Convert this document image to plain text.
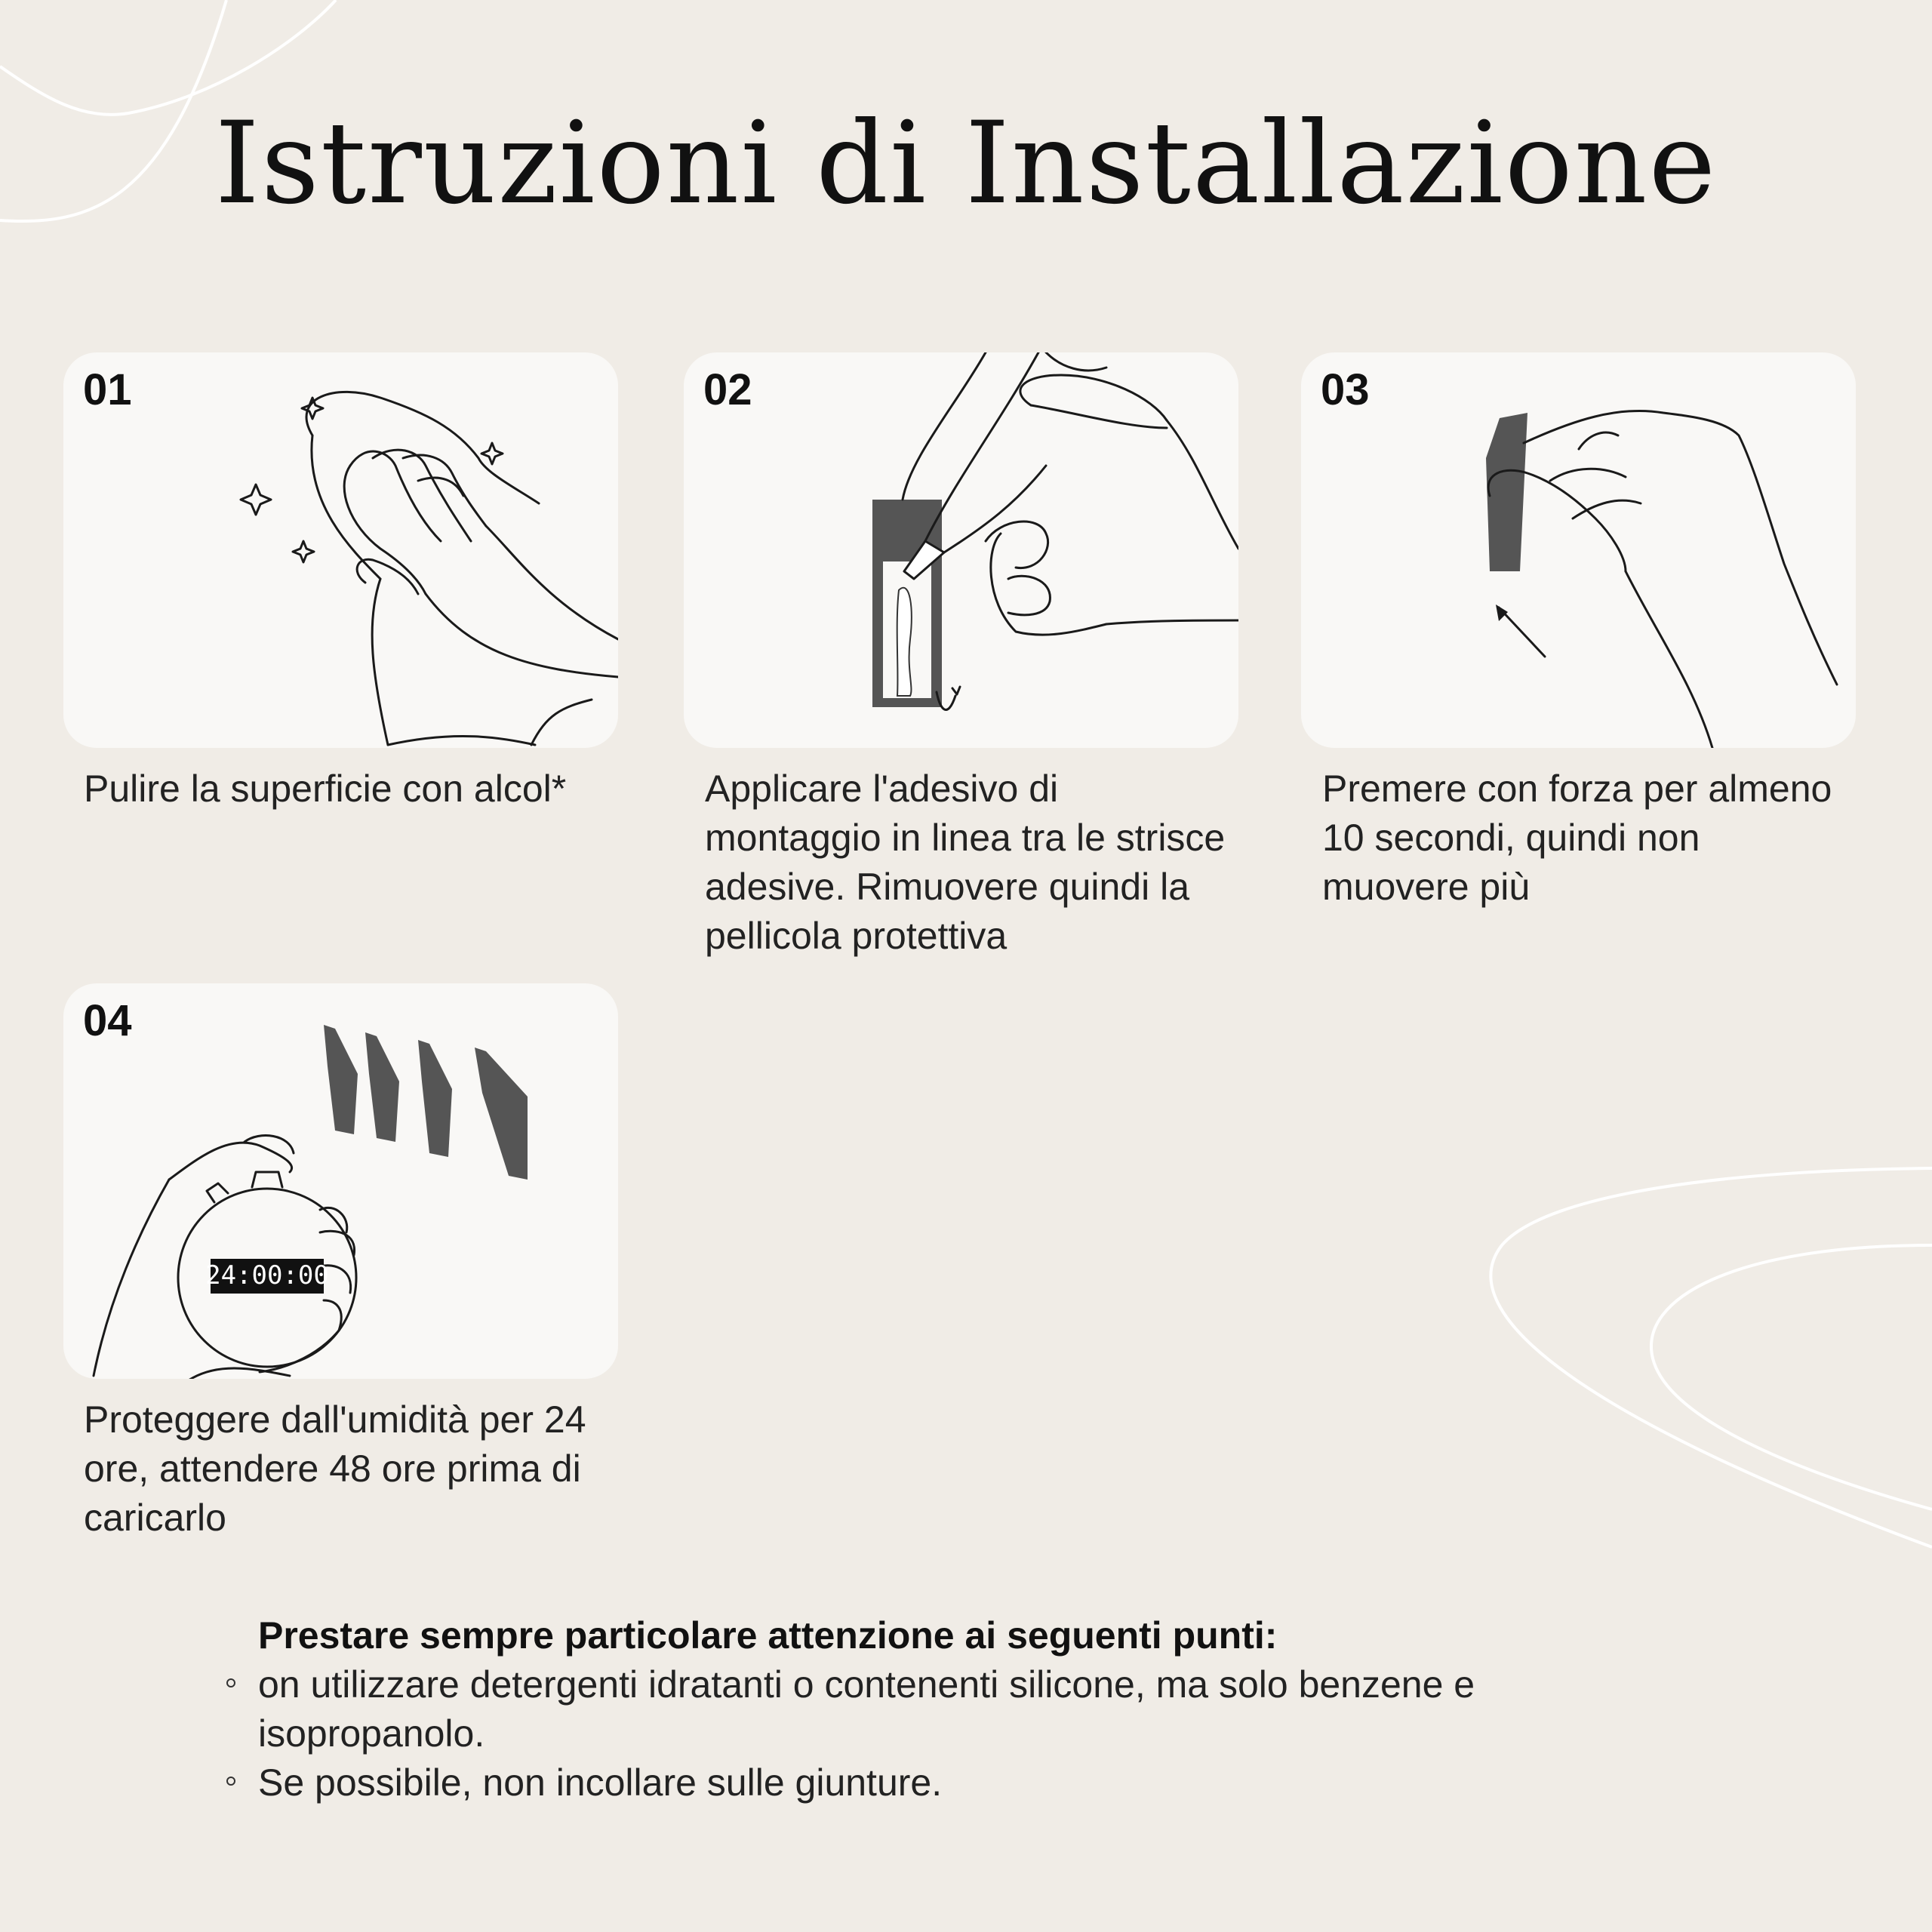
Istruzioni di Installazione
01
Pulire la superficie con alcol*
02
Applicare l'adesivo di montaggio in linea tra le strisce adesive. Rimuovere quindi la pellicola protettiva
03
Premere con forza per almeno 10 secondi, quindi non muovere più
24:00:00
04
Proteggere dall'umidità per 24 ore, attendere 48 ore prima di caricarlo
Prestare sempre particolare attenzione ai seguenti punti:
on utilizzare detergenti idratanti o contenenti silicone, ma solo benzene e isopropanolo.
Se possibile, non incollare sulle giunture.
